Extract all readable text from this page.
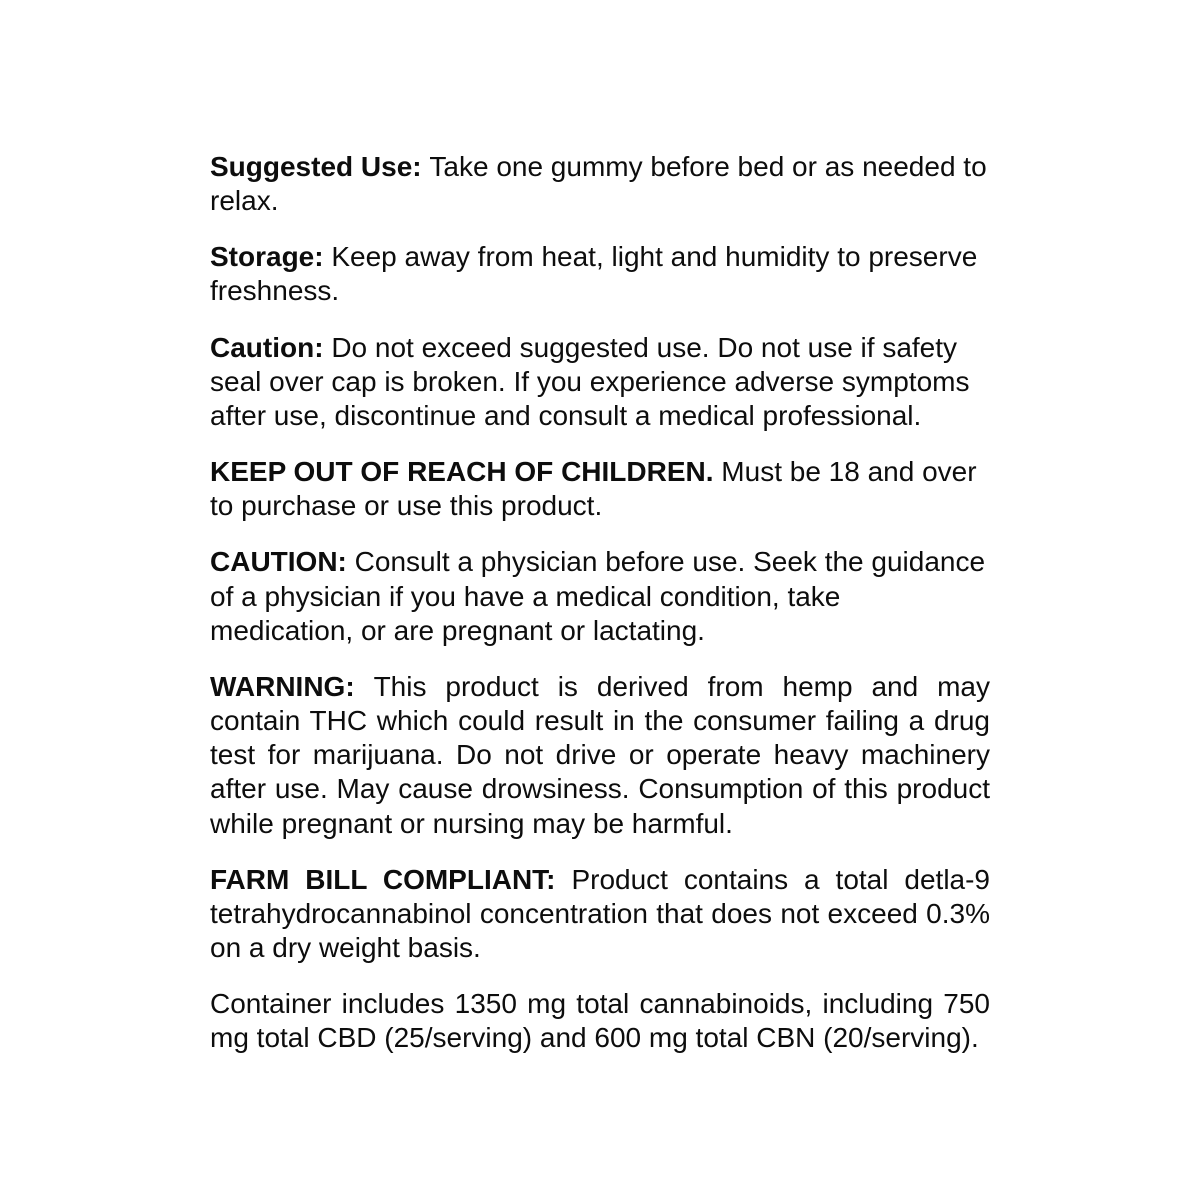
Suggested Use: Take one gummy before bed or as needed to relax.

Storage: Keep away from heat, light and humidity to preserve freshness.

Caution: Do not exceed suggested use. Do not use if safety seal over cap is broken. If you experience adverse symptoms after use, discontinue and consult a medical professional.

KEEP OUT OF REACH OF CHILDREN. Must be 18 and over to purchase or use this product.

CAUTION: Consult a physician before use. Seek the guidance of a physician if you have a medical condition, take medication, or are pregnant or lactating.

WARNING: This product is derived from hemp and may contain THC which could result in the consumer failing a drug test for marijuana. Do not drive or operate heavy machinery after use. May cause drowsiness. Consumption of this product while pregnant or nursing may be harmful.

FARM BILL COMPLIANT: Product contains a total detla-9 tetrahydrocannabinol concentration that does not exceed 0.3% on a dry weight basis.

Container includes 1350 mg total cannabinoids, including 750 mg total CBD (25/serving) and 600 mg total CBN (20/serving).
